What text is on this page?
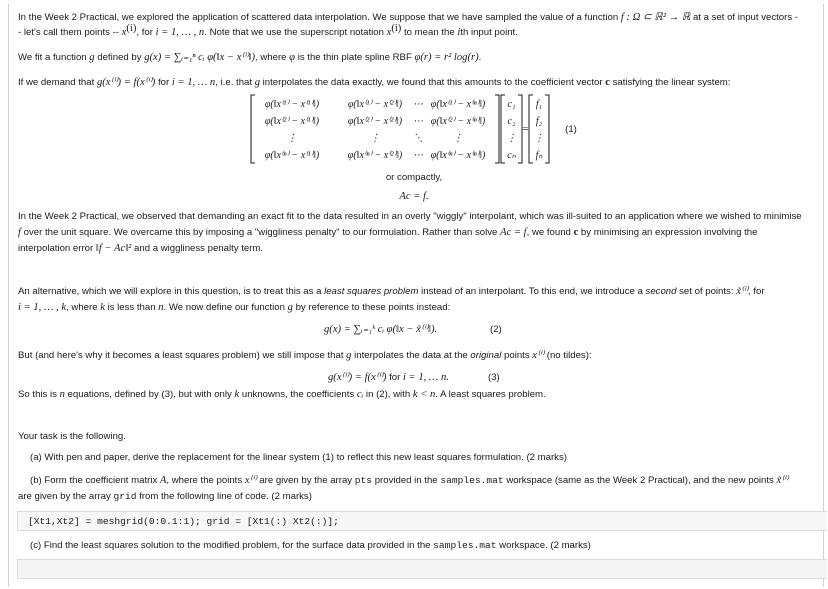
In the Week 2 Practical, we explored the application of scattered data interpolation. We suppose that we have sampled the value of a function f : Ω ⊂ ℝ² → ℝ at a set of input vectors -
- let's call them points -- $x^{(i)}$, for i = 1, … , n. Note that we use the superscript notation $x^{(i)}$ to mean the ith input point.
We fit a function g defined by g(x) = ∑ᵢ₌₁ⁿ cᵢ φ(‖x − x⁽ⁱ⁾‖), where φ is the thin plate spline RBF φ(r) = r² log(r).
If we demand that g(x⁽ⁱ⁾) = f(x⁽ⁱ⁾) for i = 1, … n, i.e. that g interpolates the data exactly, we found that this amounts to the coefficient vector c satisfying the linear system:
φ(‖x⁽¹⁾ − x⁽¹⁾‖)	φ(‖x⁽¹⁾ − x⁽²⁾‖) ⋯ φ(‖x⁽¹⁾ − x⁽ⁿ⁾‖)
φ(‖x⁽²⁾ − x⁽¹⁾‖)	φ(‖x⁽²⁾ − x⁽²⁾‖) ⋯ φ(‖x⁽²⁾ − x⁽ⁿ⁾‖)
⋮	⋮	⋱	⋮
φ(‖x⁽ⁿ⁾ − x⁽¹⁾‖)	φ(‖x⁽ⁿ⁾ − x⁽²⁾‖) ⋯ φ(‖x⁽ⁿ⁾ − x⁽ⁿ⁾‖)
c₁
c₂
⋮
cₙ
f₁
f₂
⋮
fₙ
=	(1)
or compactly,
Ac = f.
In the Week 2 Practical, we observed that demanding an exact fit to the data resulted in an overly "wiggly" interpolant, which was ill-suited to an application where we wished to minimise
f over the unit square. We overcame this by imposing a "wiggliness penalty" to our formulation. Rather than solve Ac = f, we found c by minimising an expression involving the
interpolation error ‖f − Ac‖² and a wiggliness penalty term.
An alternative, which we will explore in this question, is to treat this as a least squares problem instead of an interpolant. To this end, we introduce a second set of points: x̃⁽ⁱ⁾, for
i = 1, … , k, where k is less than n. We now define our function g by reference to these points instead:
g(x) = ∑ᵢ₌₁ᵏ cᵢ φ(‖x − x̃⁽ⁱ⁾‖).	(2)
But (and here's why it becomes a least squares problem) we still impose that g interpolates the data at the original points x⁽ⁱ⁾ (no tildes):
g(x⁽ⁱ⁾) = f(x⁽ⁱ⁾) for i = 1, … n.	(3)
So this is n equations, defined by (3), but with only k unknowns, the coefficients cᵢ in (2), with k < n. A least squares problem.
Your task is the following.
(a) With pen and paper, derive the replacement for the linear system (1) to reflect this new least squares formulation. (2 marks)
(b) Form the coefficient matrix A, where the points x⁽ⁱ⁾ are given by the array pts provided in the samples.mat workspace (same as the Week 2 Practical), and the new points x̃⁽ⁱ⁾
are given by the array grid from the following line of code. (2 marks)
[Xt1,Xt2] = meshgrid(0:0.1:1); grid = [Xt1(:) Xt2(:)];
(c) Find the least squares solution to the modified problem, for the surface data provided in the samples.mat workspace. (2 marks)
